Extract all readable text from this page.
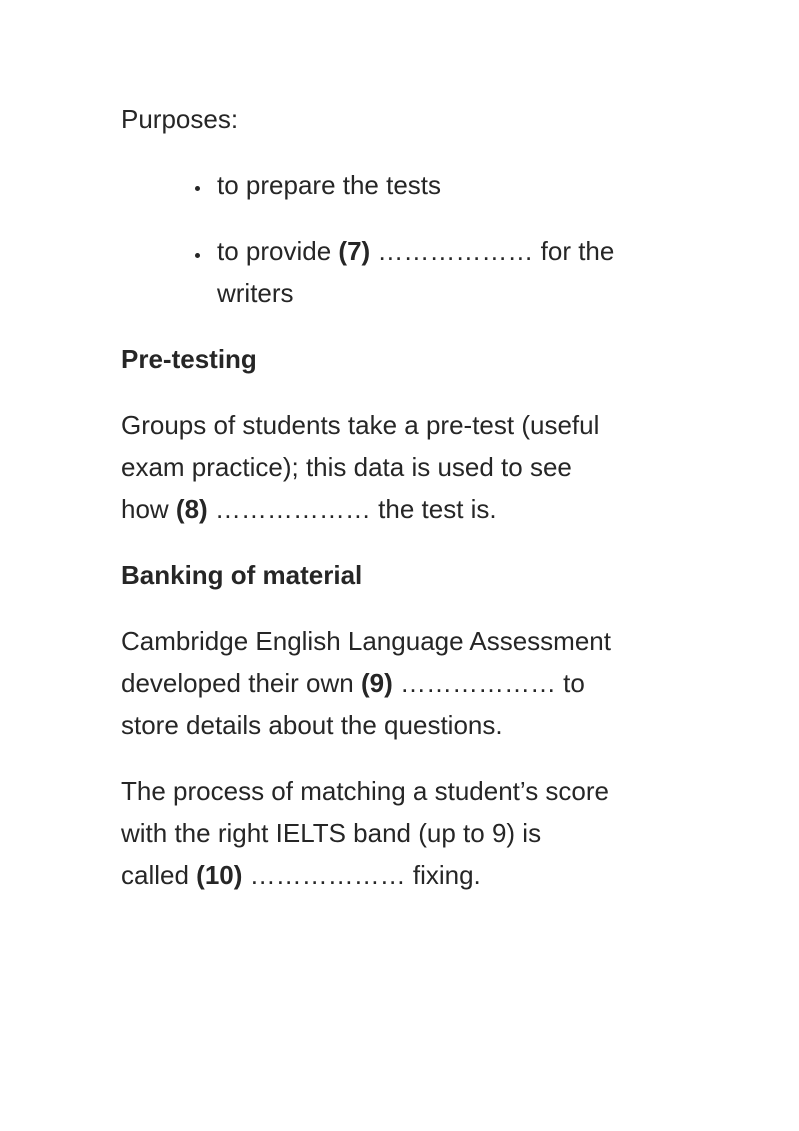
Purposes:
to prepare the tests
to provide (7) ……………… for the
writers
Pre-testing
Groups of students take a pre-test (useful
exam practice); this data is used to see
how (8) ……………… the test is.
Banking of material
Cambridge English Language Assessment
developed their own (9) ……………… to
store details about the questions.
The process of matching a student’s score
with the right IELTS band (up to 9) is
called (10) ……………… fixing.
